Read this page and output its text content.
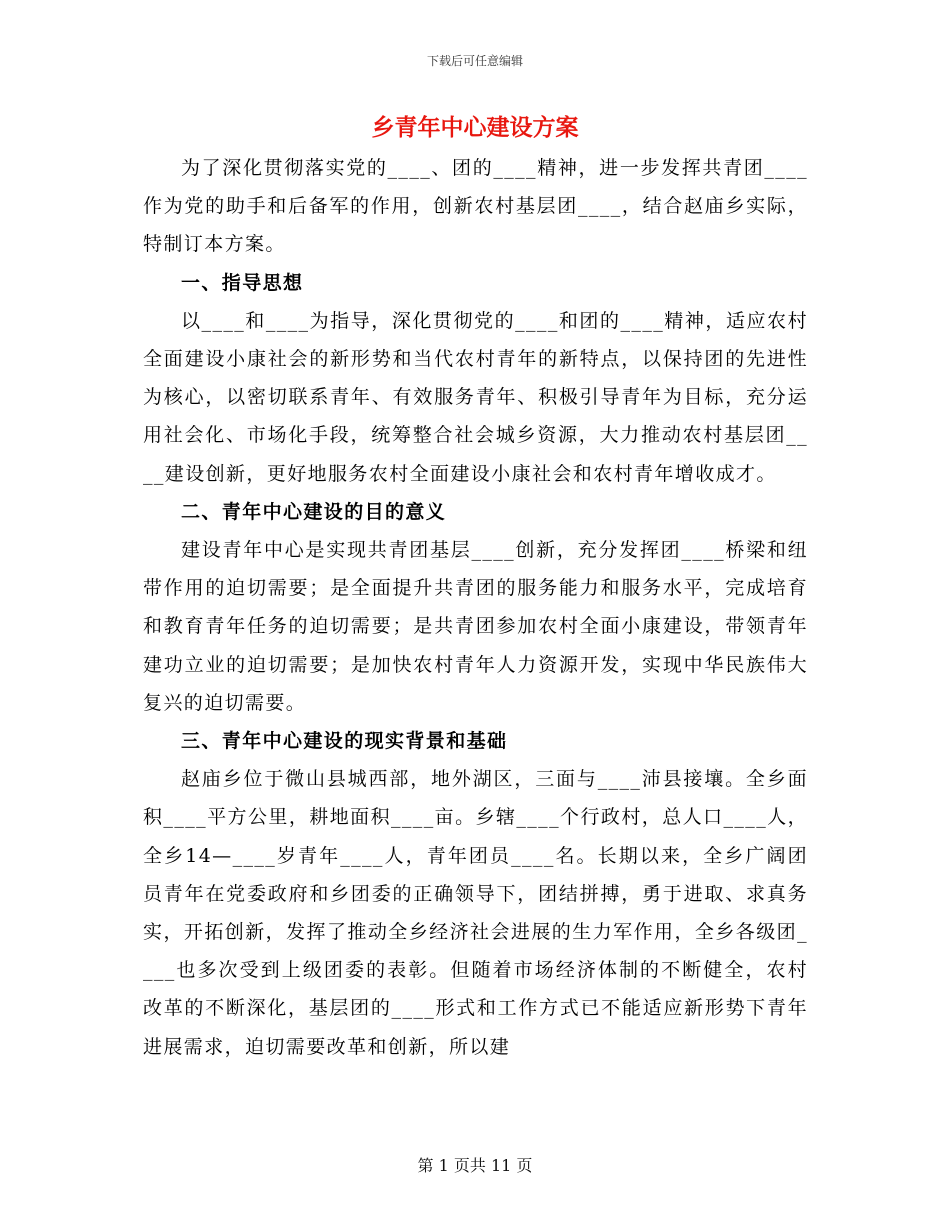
下载后可任意编辑
乡青年中心建设方案

为了深化贯彻落实党的____、团的____精神，进一步发挥共青团____作为党的助手和后备军的作用，创新农村基层团____，结合赵庙乡实际，特制订本方案。

一、指导思想

以____和____为指导，深化贯彻党的____和团的____精神，适应农村全面建设小康社会的新形势和当代农村青年的新特点，以保持团的先进性为核心，以密切联系青年、有效服务青年、积极引导青年为目标，充分运用社会化、市场化手段，统筹整合社会城乡资源，大力推动农村基层团____建设创新，更好地服务农村全面建设小康社会和农村青年增收成才。

二、青年中心建设的目的意义

建设青年中心是实现共青团基层____创新，充分发挥团____桥梁和纽带作用的迫切需要；是全面提升共青团的服务能力和服务水平，完成培育和教育青年任务的迫切需要；是共青团参加农村全面小康建设，带领青年建功立业的迫切需要；是加快农村青年人力资源开发，实现中华民族伟大复兴的迫切需要。

三、青年中心建设的现实背景和基础

赵庙乡位于微山县城西部，地外湖区，三面与____沛县接壤。全乡面积____平方公里，耕地面积____亩。乡辖____个行政村，总人口____人，全乡14—____岁青年____人，青年团员____名。长期以来，全乡广阔团员青年在党委政府和乡团委的正确领导下，团结拼搏，勇于进取、求真务实，开拓创新，发挥了推动全乡经济社会进展的生力军作用，全乡各级团____也多次受到上级团委的表彰。但随着市场经济体制的不断健全，农村改革的不断深化，基层团的____形式和工作方式已不能适应新形势下青年进展需求，迫切需要改革和创新，所以建

第 1 页共 11 页
